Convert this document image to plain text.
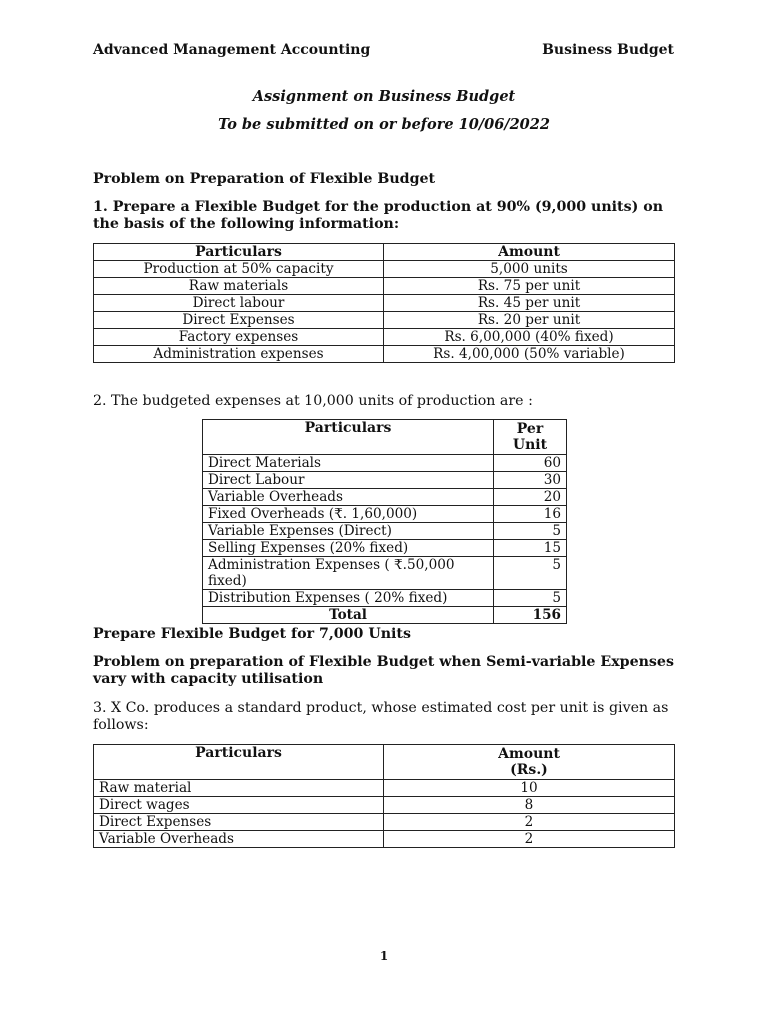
Advanced Management Accounting	Business Budget
Assignment on Business Budget
To be submitted on or before 10/06/2022
Problem on Preparation of Flexible Budget
1. Prepare a Flexible Budget for the production at 90% (9,000 units) on the basis of the following information:
Particulars	Amount
Production at 50% capacity	5,000 units
Raw materials	Rs. 75 per unit
Direct labour	Rs. 45 per unit
Direct Expenses	Rs. 20 per unit
Factory expenses	Rs. 6,00,000 (40% fixed)
Administration expenses	Rs. 4,00,000 (50% variable)
2. The budgeted expenses at 10,000 units of production are :
Particulars	Per Unit
Direct Materials	60
Direct Labour	30
Variable Overheads	20
Fixed Overheads (₹. 1,60,000)	16
Variable Expenses (Direct)	5
Selling Expenses (20% fixed)	15
Administration Expenses ( ₹.50,000 fixed)	5
Distribution Expenses ( 20% fixed)	5
Total	156
Prepare Flexible Budget for 7,000 Units
Problem on preparation of Flexible Budget when Semi-variable Expenses vary with capacity utilisation
3. X Co. produces a standard product, whose estimated cost per unit is given as follows:
Particulars	Amount (Rs.)
Raw material	10
Direct wages	8
Direct Expenses	2
Variable Overheads	2
1
